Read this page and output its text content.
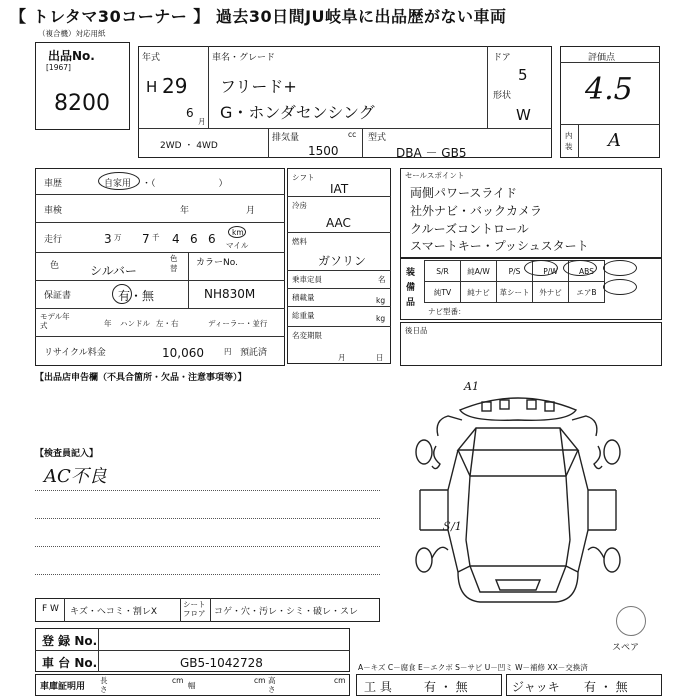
【 トレタマ30コーナー 】 過去30日間JU岐阜に出品歴がない車両
（複合機）対応用紙
出品No.
[1967]
8200
年式
H 29
6
月
車名・グレード
フリード+
G・ホンダセンシング
ドア
5
形状
W
2WD ・ 4WD
排気量	cc
1500
型式
DBA － GB5
評価点
4.5
内装 A
車歴	自家用 ・（　　　　　　　）
車検	年	月
走行	3 万 7 千 4 6 6 km
マイル
色	シルバー
色替
カラーNo.
保証書	有・無	NH830M
モデル年式	年 ハンドル 左・右	ディーラー・並行
リサイクル料金	10,060	円 預託済
シフト
IAT
冷房
AAC
燃料
ガソリン
乗車定員	名
積載量	kg
総重量	kg
名変期限
月	日
セールスポイント
両側パワースライド
社外ナビ・バックカメラ
クルーズコントロール
スマートキー・プッシュスタート
装備品
S/R	純A/W	P/S	P/W	ABS
純TV	純ナビ	革シート	外ナビ	エアB
ナビ型番：
後日品
【出品店申告欄（不具合箇所・欠品・注意事項等）】
【検査員記入】
AC不良
A1
Ｓ/1
スペア
F W キズ・ヘコミ・割レX
シートフロア コゲ・穴・汚レ・シミ・破レ・スレ
登 録 No.
車 台 No.	GB5-1042728
車庫証明用
長さ
cm
幅
cm 高さ
cm
A－キズ C－腐食 E－エクボ S－サビ U－凹ミ W－補修 XX－交換済
工 具	有 ・ 無	ジャッキ 有 ・ 無
